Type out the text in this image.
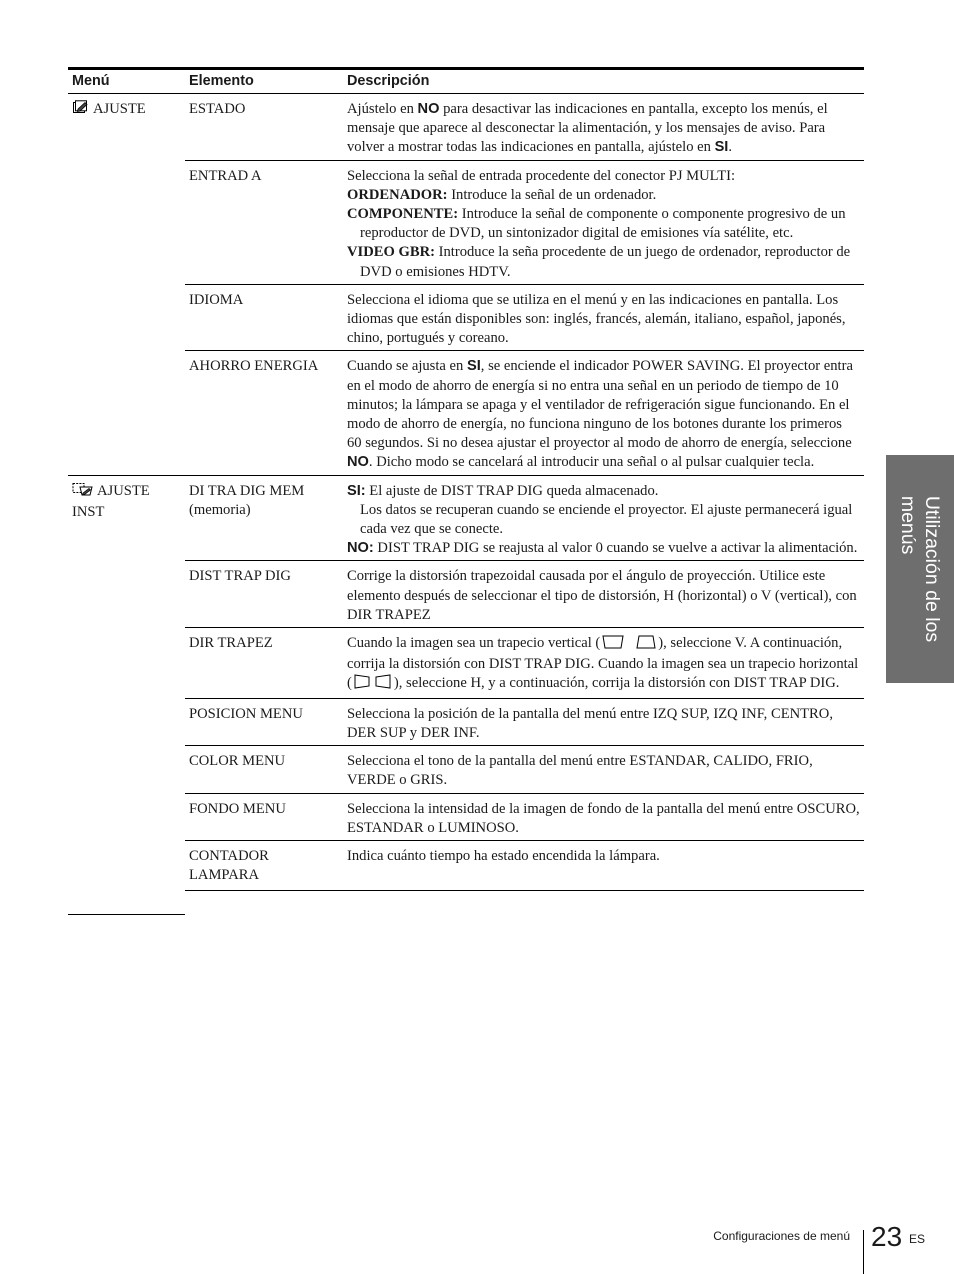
Menú	Elemento	Descripción
AJUSTE	ESTADO	Ajústelo en NO para desactivar las indicaciones en pantalla, excepto los menús, el mensaje que aparece al desconectar la alimentación, y los mensajes de aviso. Para volver a mostrar todas las indicaciones en pantalla, ajústelo en SI.

	ENTRAD A	Selecciona la señal de entrada procedente del conector PJ MULTI:

ORDENADOR: Introduce la señal de un ordenador.

COMPONENTE: Introduce la señal de componente o componente progresivo de un reproductor de DVD, un sintonizador digital de emisiones vía satélite, etc.

VIDEO GBR: Introduce la seña procedente de un juego de ordenador, reproductor de DVD o emisiones HDTV.

	IDIOMA	Selecciona el idioma que se utiliza en el menú y en las indicaciones en pantalla. Los idiomas que están disponibles son: inglés, francés, alemán, italiano, español, japonés, chino, portugués y coreano.
	AHORRO ENERGIA	Cuando se ajusta en SI, se enciende el indicador POWER SAVING. El proyector entra en el modo de ahorro de energía si no entra una señal en un periodo de tiempo de 10 minutos; la lámpara se apaga y el ventilador de refrigeración sigue funcionando. En el modo de ahorro de energía, no funciona ninguno de los botones durante los primeros 60 segundos. Si no desea ajustar el proyector al modo de ahorro de energía, seleccione NO. Dicho modo se cancelará al introducir una señal o al pulsar cualquier tecla.

AJUSTE INST	DI TRA DIG MEM (memoria)	SI: El ajuste de DIST TRAP DIG queda almacenado.

Los datos se recuperan cuando se enciende el proyector. El ajuste permanecerá igual cada vez que se conecte.

NO: DIST TRAP DIG se reajusta al valor 0 cuando se vuelve a activar la alimentación.

	DIST TRAP DIG	Corrige la distorsión trapezoidal causada por el ángulo de proyección. Utilice este elemento después de seleccionar el tipo de distorsión, H (horizontal) o V (vertical), con DIR TRAPEZ
	DIR TRAPEZ	Cuando la imagen sea un trapecio vertical ( ), seleccione V. A continuación, corrija la distorsión con DIST TRAP DIG. Cuando la imagen sea un trapecio horizontal ( ), seleccione H, y a continuación, corrija la distorsión con DIST TRAP DIG.

	POSICION MENU	Selecciona la posición de la pantalla del menú entre IZQ SUP, IZQ INF, CENTRO, DER SUP y DER INF.
	COLOR MENU	Selecciona el tono de la pantalla del menú entre ESTANDAR, CALIDO, FRIO, VERDE o GRIS.
	FONDO MENU	Selecciona la intensidad de la imagen de fondo de la pantalla del menú entre OSCURO, ESTANDAR o LUMINOSO.
	CONTADOR LAMPARA	Indica cuánto tiempo ha estado encendida la lámpara.
Utilización de los
menús
Configuraciones de menú 23 ES
